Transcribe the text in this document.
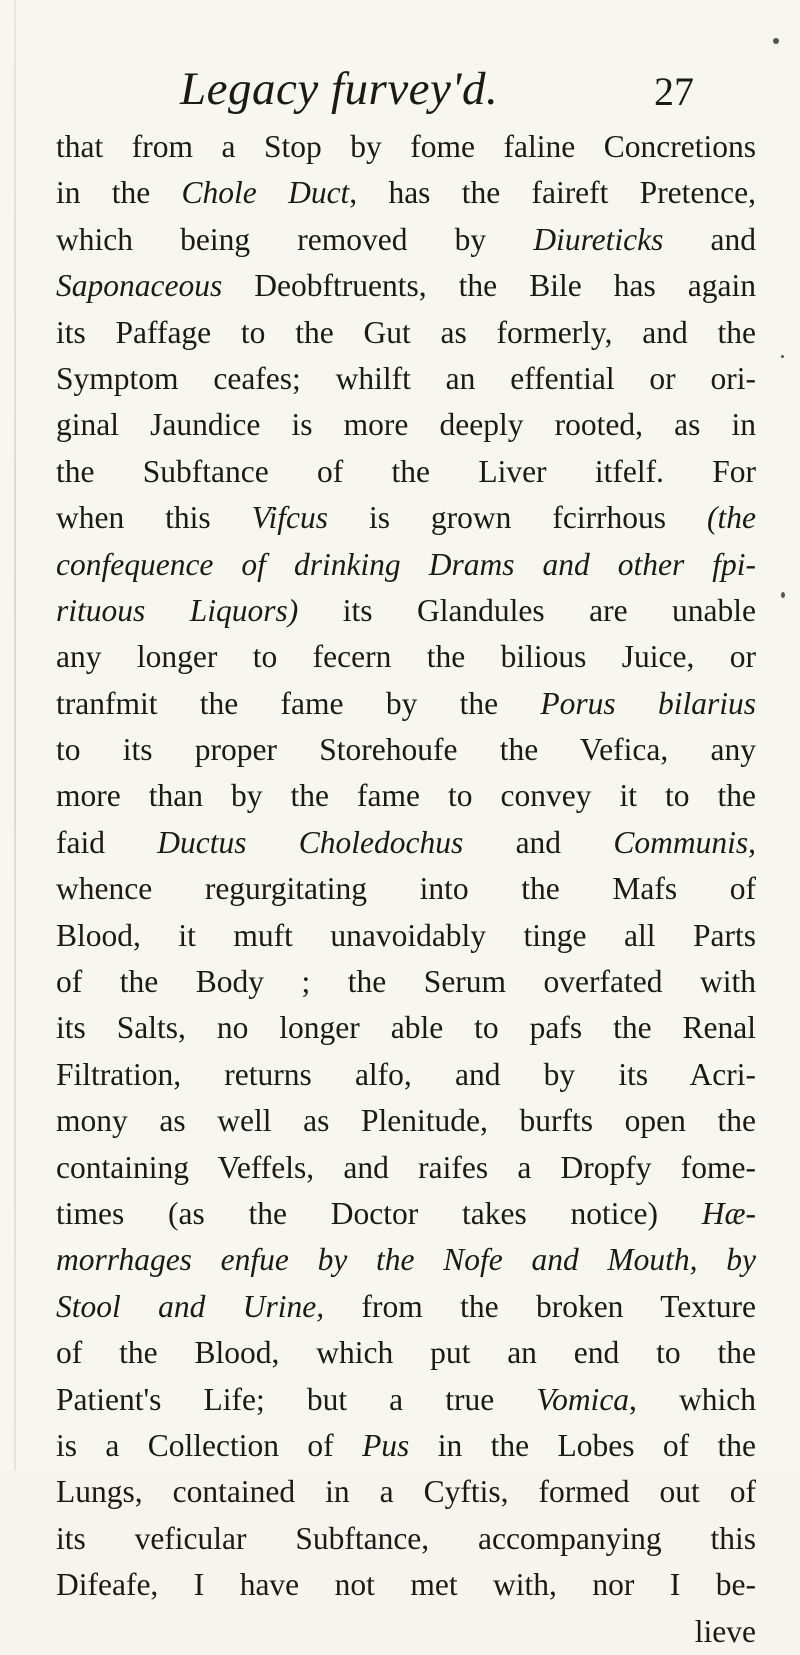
Legacy furvey'd.	27
that from a Stop by fome faline Concretions
in the Chole Duct, has the faireft Pretence,
which being removed by Diureticks and
Saponaceous Deobftruents, the Bile has again
its Paffage to the Gut as formerly, and the
Symptom ceafes; whilft an effential or ori-
ginal Jaundice is more deeply rooted, as in
the Subftance of the Liver itfelf. For
when this Vifcus is grown fcirrhous (the
confequence of drinking Drams and other fpi-
rituous Liquors) its Glandules are unable
any longer to fecern the bilious Juice, or
tranfmit the fame by the Porus bilarius
to its proper Storehoufe the Vefica, any
more than by the fame to convey it to the
faid Ductus Choledochus and Communis,
whence regurgitating into the Mafs of
Blood, it muft unavoidably tinge all Parts
of the Body ; the Serum overfated with
its Salts, no longer able to pafs the Renal
Filtration, returns alfo, and by its Acri-
mony as well as Plenitude, burfts open the
containing Veffels, and raifes a Dropfy fome-
times (as the Doctor takes notice) Hæ-
morrhages enfue by the Nofe and Mouth, by
Stool and Urine, from the broken Texture
of the Blood, which put an end to the
Patient's Life; but a true Vomica, which
is a Collection of Pus in the Lobes of the
Lungs, contained in a Cyftis, formed out of
its veficular Subftance, accompanying this
Difeafe, I have not met with, nor I be-
lieve
